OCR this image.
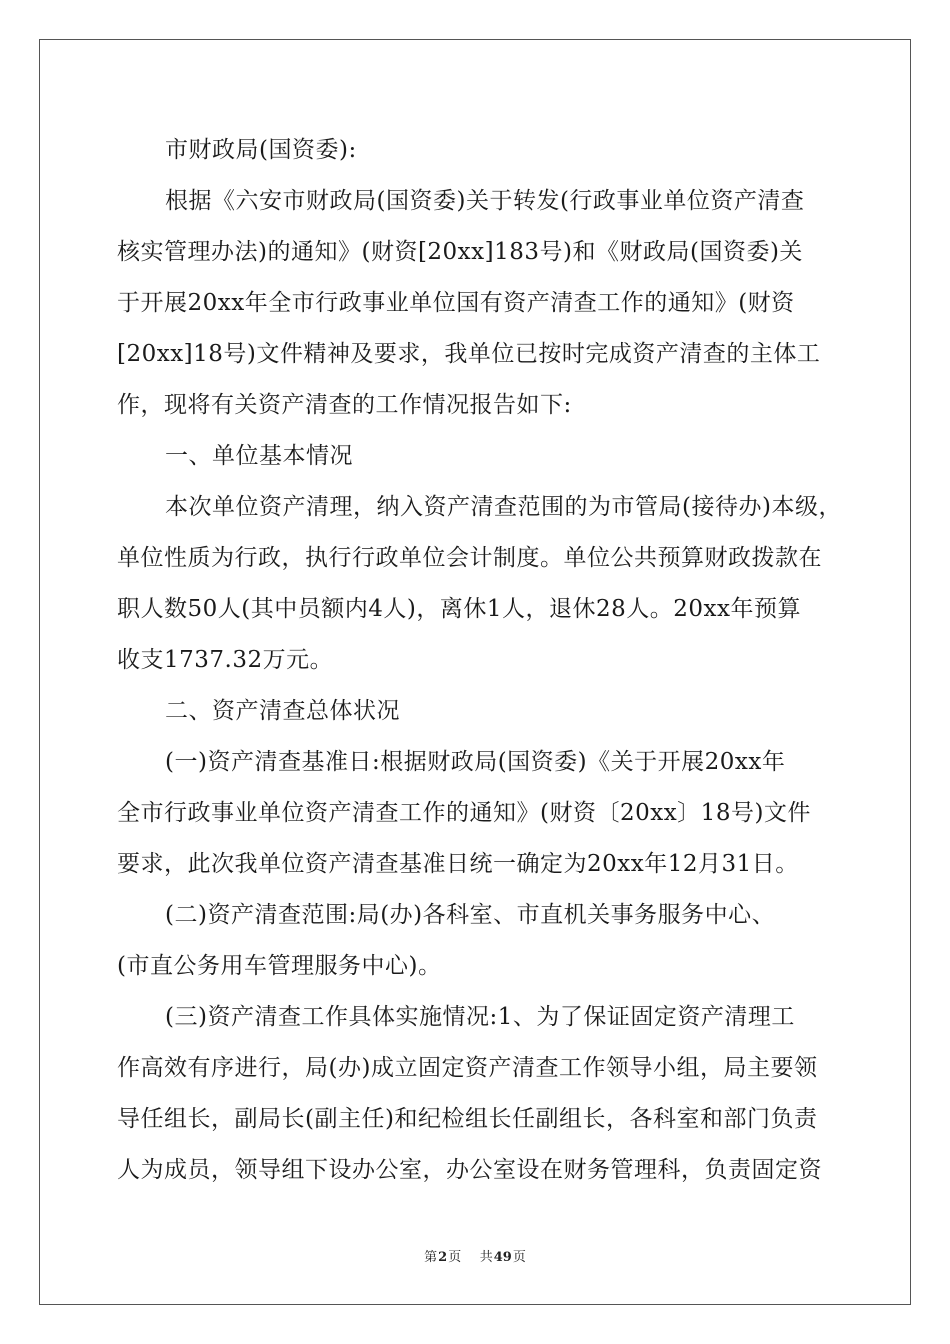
市财政局(国资委):
根据《六安市财政局(国资委)关于转发(行政事业单位资产清查
核实管理办法)的通知》(财资[20xx]183号)和《财政局(国资委)关
于开展20xx年全市行政事业单位国有资产清查工作的通知》(财资
[20xx]18号)文件精神及要求，我单位已按时完成资产清查的主体工
作，现将有关资产清查的工作情况报告如下:
一、单位基本情况
本次单位资产清理，纳入资产清查范围的为市管局(接待办)本级，
单位性质为行政，执行行政单位会计制度。单位公共预算财政拨款在
职人数50人(其中员额内4人)，离休1人，退休28人。20xx年预算
收支1737.32万元。
二、资产清查总体状况
(一)资产清查基准日:根据财政局(国资委)《关于开展20xx年
全市行政事业单位资产清查工作的通知》(财资〔20xx〕18号)文件
要求，此次我单位资产清查基准日统一确定为20xx年12月31日。
(二)资产清查范围:局(办)各科室、市直机关事务服务中心、
(市直公务用车管理服务中心)。
(三)资产清查工作具体实施情况:1、为了保证固定资产清理工
作高效有序进行，局(办)成立固定资产清查工作领导小组，局主要领
导任组长，副局长(副主任)和纪检组长任副组长，各科室和部门负责
人为成员，领导组下设办公室，办公室设在财务管理科，负责固定资
第2页 共49页
